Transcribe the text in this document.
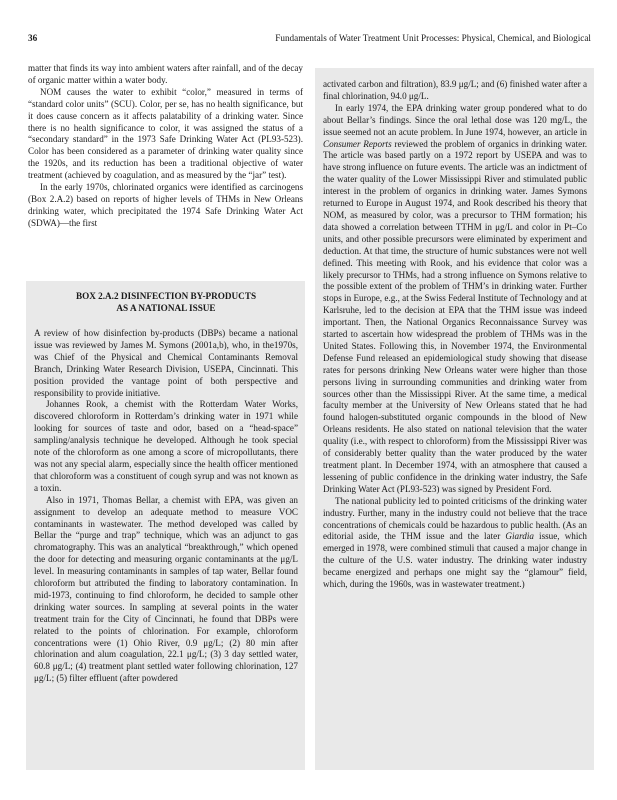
36	Fundamentals of Water Treatment Unit Processes: Physical, Chemical, and Biological

matter that finds its way into ambient waters after rainfall, and of the decay of organic matter within a water body.

NOM causes the water to exhibit “color,” measured in terms of “standard color units” (SCU). Color, per se, has no health significance, but it does cause concern as it affects palatability of a drinking water. Since there is no health significance to color, it was assigned the status of a “secondary standard” in the 1973 Safe Drinking Water Act (PL93-523). Color has been considered as a parameter of drinking water quality since the 1920s, and its reduction has been a traditional objective of water treatment (achieved by coagulation, and as measured by the “jar” test).

In the early 1970s, chlorinated organics were identified as carcinogens (Box 2.A.2) based on reports of higher levels of THMs in New Orleans drinking water, which precipitated the 1974 Safe Drinking Water Act (SDWA)—the first

BOX 2.A.2 DISINFECTION BY-PRODUCTS
AS A NATIONAL ISSUE

A review of how disinfection by-products (DBPs) became a national issue was reviewed by James M. Symons (2001a,b), who, in the1970s, was Chief of the Physical and Chemical Contaminants Removal Branch, Drinking Water Research Division, USEPA, Cincinnati. This position provided the vantage point of both perspective and responsibility to provide initiative.

Johannes Rook, a chemist with the Rotterdam Water Works, discovered chloroform in Rotterdam’s drinking water in 1971 while looking for sources of taste and odor, based on a “head-space” sampling/analysis technique he developed. Although he took special note of the chloroform as one among a score of micropollutants, there was not any special alarm, especially since the health officer mentioned that chloroform was a constituent of cough syrup and was not known as a toxin.

Also in 1971, Thomas Bellar, a chemist with EPA, was given an assignment to develop an adequate method to measure VOC contaminants in wastewater. The method developed was called by Bellar the “purge and trap” technique, which was an adjunct to gas chromatography. This was an analytical “breakthrough,” which opened the door for detecting and measuring organic contaminants at the μg/L level. In measuring contaminants in samples of tap water, Bellar found chloroform but attributed the finding to laboratory contamination. In mid-1973, continuing to find chloroform, he decided to sample other drinking water sources. In sampling at several points in the water treatment train for the City of Cincinnati, he found that DBPs were related to the points of chlorination. For example, chloroform concentrations were (1) Ohio River, 0.9 μg/L; (2) 80 min after chlorination and alum coagulation, 22.1 μg/L; (3) 3 day settled water, 60.8 μg/L; (4) treatment plant settled water following chlorination, 127 μg/L; (5) filter effluent (after powdered

activated carbon and filtration), 83.9 μg/L; and (6) finished water after a final chlorination, 94.0 μg/L.

In early 1974, the EPA drinking water group pondered what to do about Bellar’s findings. Since the oral lethal dose was 120 mg/L, the issue seemed not an acute problem. In June 1974, however, an article in Consumer Reports reviewed the problem of organics in drinking water. The article was based partly on a 1972 report by USEPA and was to have strong influence on future events. The article was an indictment of the water quality of the Lower Mississippi River and stimulated public interest in the problem of organics in drinking water. James Symons returned to Europe in August 1974, and Rook described his theory that NOM, as measured by color, was a precursor to THM formation; his data showed a correlation between TTHM in μg/L and color in Pt–Co units, and other possible precursors were eliminated by experiment and deduction. At that time, the structure of humic substances were not well defined. This meeting with Rook, and his evidence that color was a likely precursor to THMs, had a strong influence on Symons relative to the possible extent of the problem of THM’s in drinking water. Further stops in Europe, e.g., at the Swiss Federal Institute of Technology and at Karlsruhe, led to the decision at EPA that the THM issue was indeed important. Then, the National Organics Reconnaissance Survey was started to ascertain how widespread the problem of THMs was in the United States. Following this, in November 1974, the Environmental Defense Fund released an epidemiological study showing that disease rates for persons drinking New Orleans water were higher than those persons living in surrounding communities and drinking water from sources other than the Mississippi River. At the same time, a medical faculty member at the University of New Orleans stated that he had found halogen-substituted organic compounds in the blood of New Orleans residents. He also stated on national television that the water quality (i.e., with respect to chloroform) from the Mississippi River was of considerably better quality than the water produced by the water treatment plant. In December 1974, with an atmosphere that caused a lessening of public confidence in the drinking water industry, the Safe Drinking Water Act (PL93-523) was signed by President Ford.

The national publicity led to pointed criticisms of the drinking water industry. Further, many in the industry could not believe that the trace concentrations of chemicals could be hazardous to public health. (As an editorial aside, the THM issue and the later Giardia issue, which emerged in 1978, were combined stimuli that caused a major change in the culture of the U.S. water industry. The drinking water industry became energized and perhaps one might say the “glamour” field, which, during the 1960s, was in wastewater treatment.)
